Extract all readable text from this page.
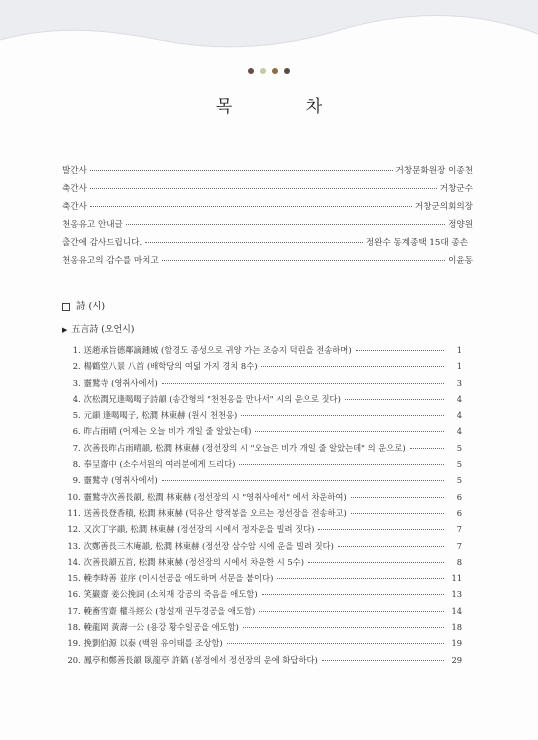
목 차
발간사	거창문화원장 이종천
축간사	거창군수
축간사	거창군의회의장
천옹유고 안내글	정양원
출간에 감사드립니다.	정완수 동계종택 15대 종손
천옹유고의 감수를 마치고	이윤동
詩 (시)
▶ 五言詩 (오언시)
1 . 送趙承旨德鄰謫鍾城 (함경도 종성으로 귀양 가는 조승지 덕린을 전송하며)	1
2 . 楊鶴堂八景 八首 (배학당의 여덟 가지 경치 8수)	1
3 . 靈鷲寺 (영취사에서)	3
4 . 次松澗兄逢喝喝子詩韻 (송간형의 "천천옹을 만나서" 시의 운으로 짓다)	4
5 . 元韻 逢喝喝子, 松澗 林東赫 (원시 천천옹)	4
6 . 昨占雨晴 (어제는 오늘 비가 개일 줄 알았는데)	4
7 . 次善長昨占雨晴韻, 松澗 林東赫 (정선장의 시 "오늘은 비가 개일 줄 알았는데" 의 운으로)	5
8 . 奉呈齋中 (소수서원의 여러분에게 드리다)	5
9 . 靈鷲寺 (영취사에서)	5
10 . 靈鷲寺次善長韻, 松澗 林東赫 (정선장의 시 "영취사에서" 에서 차운하여)	6
11 . 送善長登香積, 松澗 林東赫 (덕유산 향적봉을 오르는 정선장을 전송하고)	6
12 . 又次丁字韻, 松澗 林東赫 (정선장의 시에서 정자운을 빌려 짓다)	7
13 . 次鄭善長三木庵韻, 松澗 林東赫 (정선장 삼수암 시에 운을 빌려 짓다)	7
14 . 次善長韻五首, 松澗 林東赫 (정선장의 시에서 차운한 시 5수)	8
15 . 輓李時善 並序 (이시선공을 애도하며 서문을 붙이다)	11
16 . 笑巖齋 姜公挽詞 (소치재 강공의 죽음을 애도함)	13
17 . 輓畜雪齋 權斗經公 (창설재 권두경공을 애도함)	14
18 . 輓龍岡 黃壽一公 (용강 황수일공을 애도함)	18
19 . 挽劉伯源 以泰 (백원 유이태를 조상함)	19
20 . 鳳亭和鄭善長韻 臥龍亭 許鎬 (봉정에서 정선장의 운에 화답하다)	29
